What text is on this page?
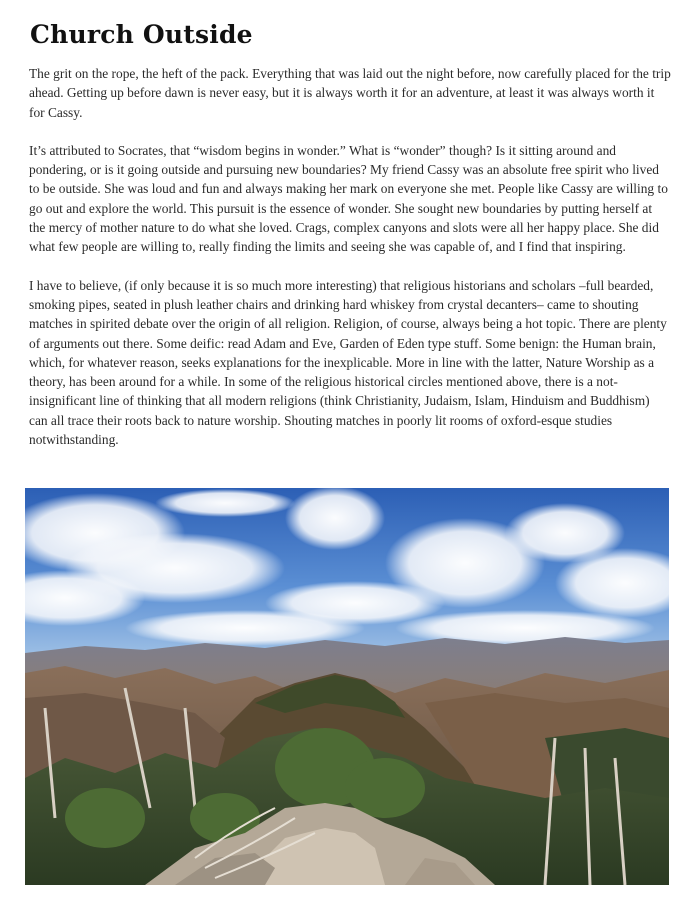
Church Outside

The grit on the rope, the heft of the pack. Everything that was laid out the night before, now carefully placed for the trip ahead. Getting up before dawn is never easy, but it is always worth it for an adventure, at least it was always worth it for Cassy.

It’s attributed to Socrates, that “wisdom begins in wonder.” What is “wonder” though? Is it sitting around and pondering, or is it going outside and pursuing new boundaries? My friend Cassy was an absolute free spirit who lived to be outside. She was loud and fun and always making her mark on everyone she met. People like Cassy are willing to go out and explore the world. This pursuit is the essence of wonder. She sought new boundaries by putting herself at the mercy of mother nature to do what she loved. Crags, complex canyons and slots were all her happy place. She did what few people are willing to, really finding the limits and seeing she was capable of, and I find that inspiring.

I have to believe, (if only because it is so much more interesting) that religious historians and scholars –full bearded, smoking pipes, seated in plush leather chairs and drinking hard whiskey from crystal decanters– came to shouting matches in spirited debate over the origin of all religion. Religion, of course, always being a hot topic. There are plenty of arguments out there. Some deific: read Adam and Eve, Garden of Eden type stuff. Some benign: the Human brain, which, for whatever reason, seeks explanations for the inexplicable. More in line with the latter, Nature Worship as a theory, has been around for a while. In some of the religious historical circles mentioned above, there is a not-insignificant line of thinking that all modern religions (think Christianity, Judaism, Islam, Hinduism and Buddhism) can all trace their roots back to nature worship. Shouting matches in poorly lit rooms of oxford-esque studies notwithstanding.
